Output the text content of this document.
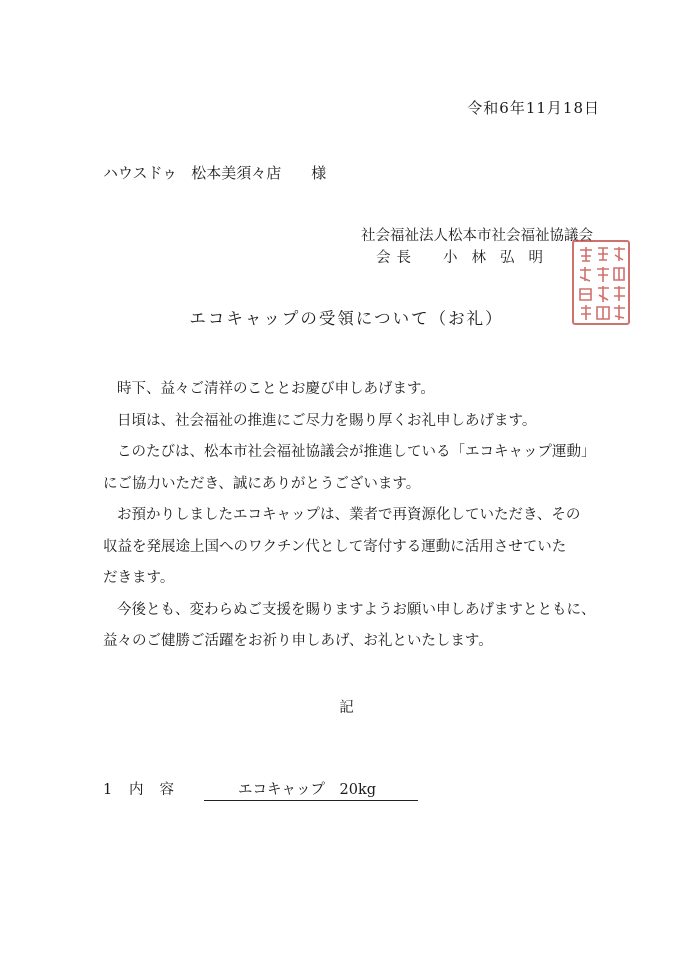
令和6年11月18日
ハウスドゥ 松本美須々店 様
社会福祉法人松本市社会福祉協議会
会長 小林弘明
エコキャップの受領について（お礼）

時下、益々ご清祥のこととお慶び申しあげます。

日頃は、社会福祉の推進にご尽力を賜り厚くお礼申しあげます。

このたびは、松本市社会福祉協議会が推進している「エコキャップ運動」

にご協力いただき、誠にありがとうございます。

お預かりしましたエコキャップは、業者で再資源化していただき、その

収益を発展途上国へのワクチン代として寄付する運動に活用させていた

だきます。

今後とも、変わらぬご支援を賜りますようお願い申しあげますとともに、

益々のご健勝ご活躍をお祈り申しあげ、お礼といたします。

記
1 内容	エコキャップ　20kg
